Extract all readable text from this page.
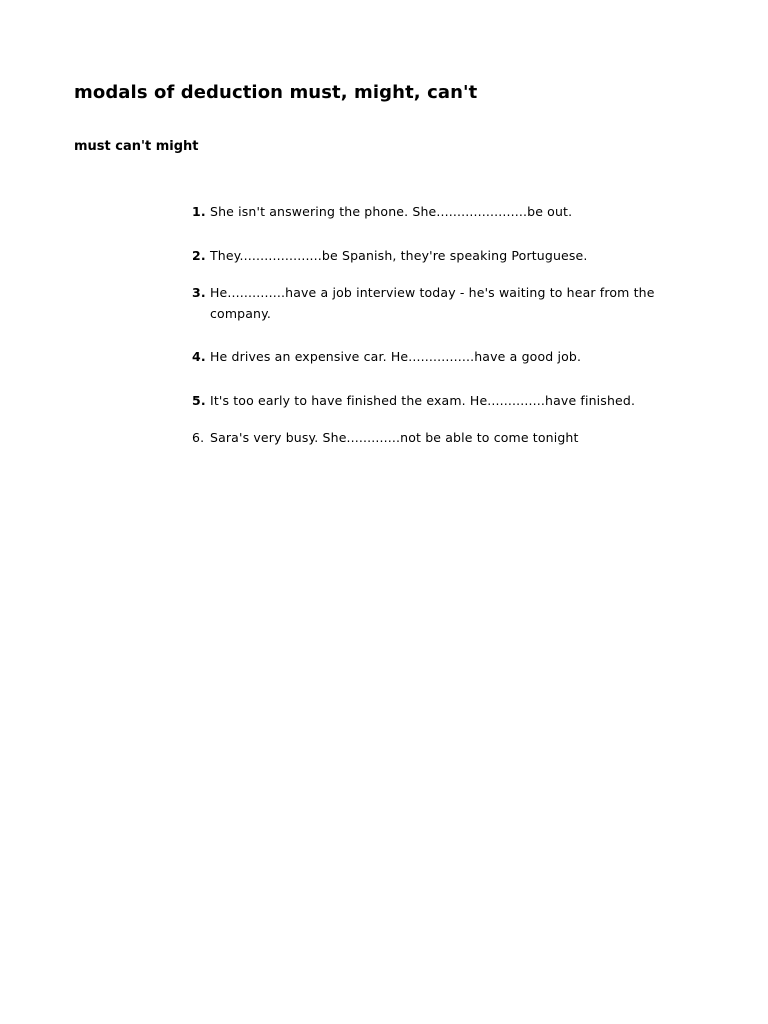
modals of deduction must, might, can't

must can't might

1. She isn't answering the phone. She......................be out.
2. They....................be Spanish, they're speaking Portuguese.
3. He..............have a job interview today - he's waiting to hear from the company.
4. He drives an expensive car. He................have a good job.
5. It's too early to have finished the exam. He..............have finished.
6. Sara's very busy. She.............not be able to come tonight
